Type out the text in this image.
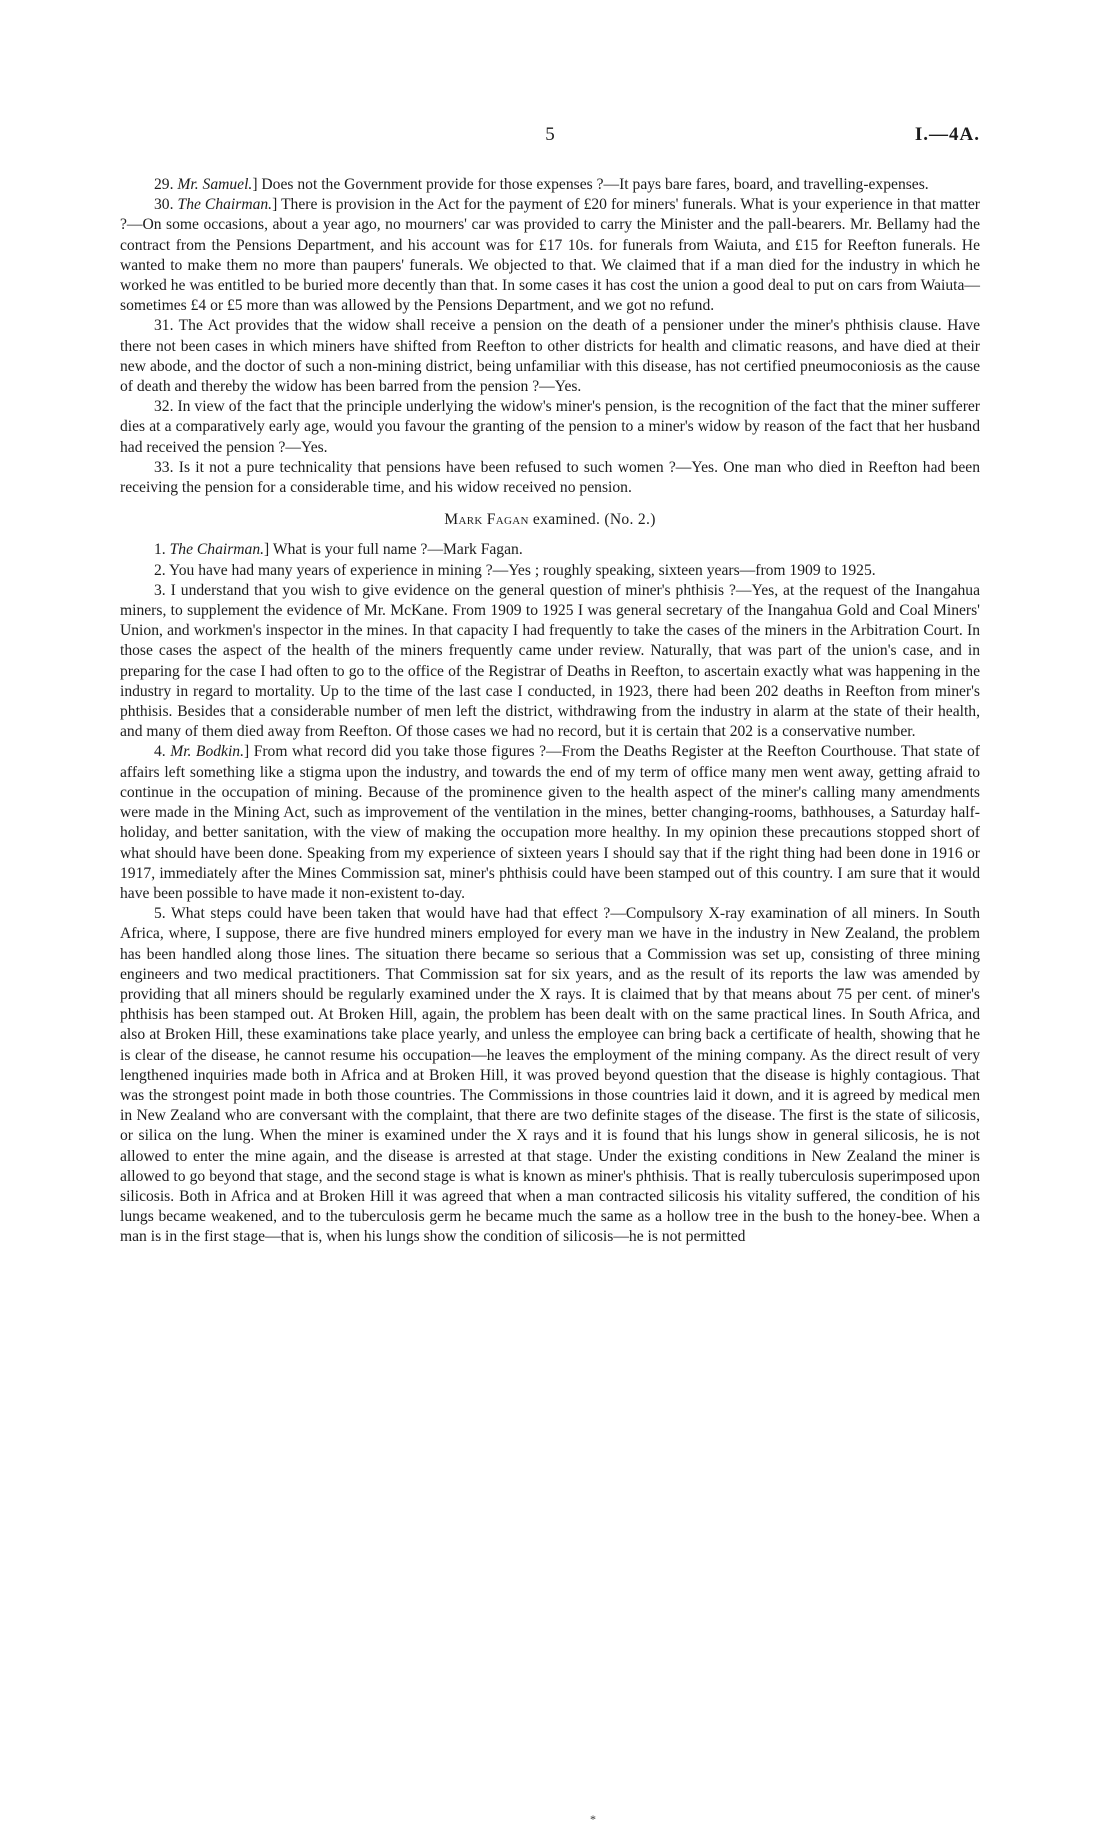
5	I.—4A.

29. Mr. Samuel.] Does not the Government provide for those expenses ?—It pays bare fares, board, and travelling-expenses.

30. The Chairman.] There is provision in the Act for the payment of £20 for miners' funerals. What is your experience in that matter ?—On some occasions, about a year ago, no mourners' car was provided to carry the Minister and the pall-bearers. Mr. Bellamy had the contract from the Pensions Department, and his account was for £17 10s. for funerals from Waiuta, and £15 for Reefton funerals. He wanted to make them no more than paupers' funerals. We objected to that. We claimed that if a man died for the industry in which he worked he was entitled to be buried more decently than that. In some cases it has cost the union a good deal to put on cars from Waiuta—sometimes £4 or £5 more than was allowed by the Pensions Department, and we got no refund.

31. The Act provides that the widow shall receive a pension on the death of a pensioner under the miner's phthisis clause. Have there not been cases in which miners have shifted from Reefton to other districts for health and climatic reasons, and have died at their new abode, and the doctor of such a non-mining district, being unfamiliar with this disease, has not certified pneumoconiosis as the cause of death and thereby the widow has been barred from the pension ?—Yes.

32. In view of the fact that the principle underlying the widow's miner's pension, is the recognition of the fact that the miner sufferer dies at a comparatively early age, would you favour the granting of the pension to a miner's widow by reason of the fact that her husband had received the pension ?—Yes.

33. Is it not a pure technicality that pensions have been refused to such women ?—Yes. One man who died in Reefton had been receiving the pension for a considerable time, and his widow received no pension.

Mark Fagan examined. (No. 2.)

1. The Chairman.] What is your full name ?—Mark Fagan.

2. You have had many years of experience in mining ?—Yes ; roughly speaking, sixteen years—from 1909 to 1925.

3. I understand that you wish to give evidence on the general question of miner's phthisis ?—Yes, at the request of the Inangahua miners, to supplement the evidence of Mr. McKane. From 1909 to 1925 I was general secretary of the Inangahua Gold and Coal Miners' Union, and workmen's inspector in the mines. In that capacity I had frequently to take the cases of the miners in the Arbitration Court. In those cases the aspect of the health of the miners frequently came under review. Naturally, that was part of the union's case, and in preparing for the case I had often to go to the office of the Registrar of Deaths in Reefton, to ascertain exactly what was happening in the industry in regard to mortality. Up to the time of the last case I conducted, in 1923, there had been 202 deaths in Reefton from miner's phthisis. Besides that a considerable number of men left the district, withdrawing from the industry in alarm at the state of their health, and many of them died away from Reefton. Of those cases we had no record, but it is certain that 202 is a conservative number.

4. Mr. Bodkin.] From what record did you take those figures ?—From the Deaths Register at the Reefton Courthouse. That state of affairs left something like a stigma upon the industry, and towards the end of my term of office many men went away, getting afraid to continue in the occupation of mining. Because of the prominence given to the health aspect of the miner's calling many amendments were made in the Mining Act, such as improvement of the ventilation in the mines, better changing-rooms, bathhouses, a Saturday half-holiday, and better sanitation, with the view of making the occupation more healthy. In my opinion these precautions stopped short of what should have been done. Speaking from my experience of sixteen years I should say that if the right thing had been done in 1916 or 1917, immediately after the Mines Commission sat, miner's phthisis could have been stamped out of this country. I am sure that it would have been possible to have made it non-existent to-day.

5. What steps could have been taken that would have had that effect ?—Compulsory X-ray examination of all miners. In South Africa, where, I suppose, there are five hundred miners employed for every man we have in the industry in New Zealand, the problem has been handled along those lines. The situation there became so serious that a Commission was set up, consisting of three mining engineers and two medical practitioners. That Commission sat for six years, and as the result of its reports the law was amended by providing that all miners should be regularly examined under the X rays. It is claimed that by that means about 75 per cent. of miner's phthisis has been stamped out. At Broken Hill, again, the problem has been dealt with on the same practical lines. In South Africa, and also at Broken Hill, these examinations take place yearly, and unless the employee can bring back a certificate of health, showing that he is clear of the disease, he cannot resume his occupation—he leaves the employment of the mining company. As the direct result of very lengthened inquiries made both in Africa and at Broken Hill, it was proved beyond question that the disease is highly contagious. That was the strongest point made in both those countries. The Commissions in those countries laid it down, and it is agreed by medical men in New Zealand who are conversant with the complaint, that there are two definite stages of the disease. The first is the state of silicosis, or silica on the lung. When the miner is examined under the X rays and it is found that his lungs show in general silicosis, he is not allowed to enter the mine again, and the disease is arrested at that stage. Under the existing conditions in New Zealand the miner is allowed to go beyond that stage, and the second stage is what is known as miner's phthisis. That is really tuberculosis superimposed upon silicosis. Both in Africa and at Broken Hill it was agreed that when a man contracted silicosis his vitality suffered, the condition of his lungs became weakened, and to the tuberculosis germ he became much the same as a hollow tree in the bush to the honey-bee. When a man is in the first stage—that is, when his lungs show the condition of silicosis—he is not permitted

*
